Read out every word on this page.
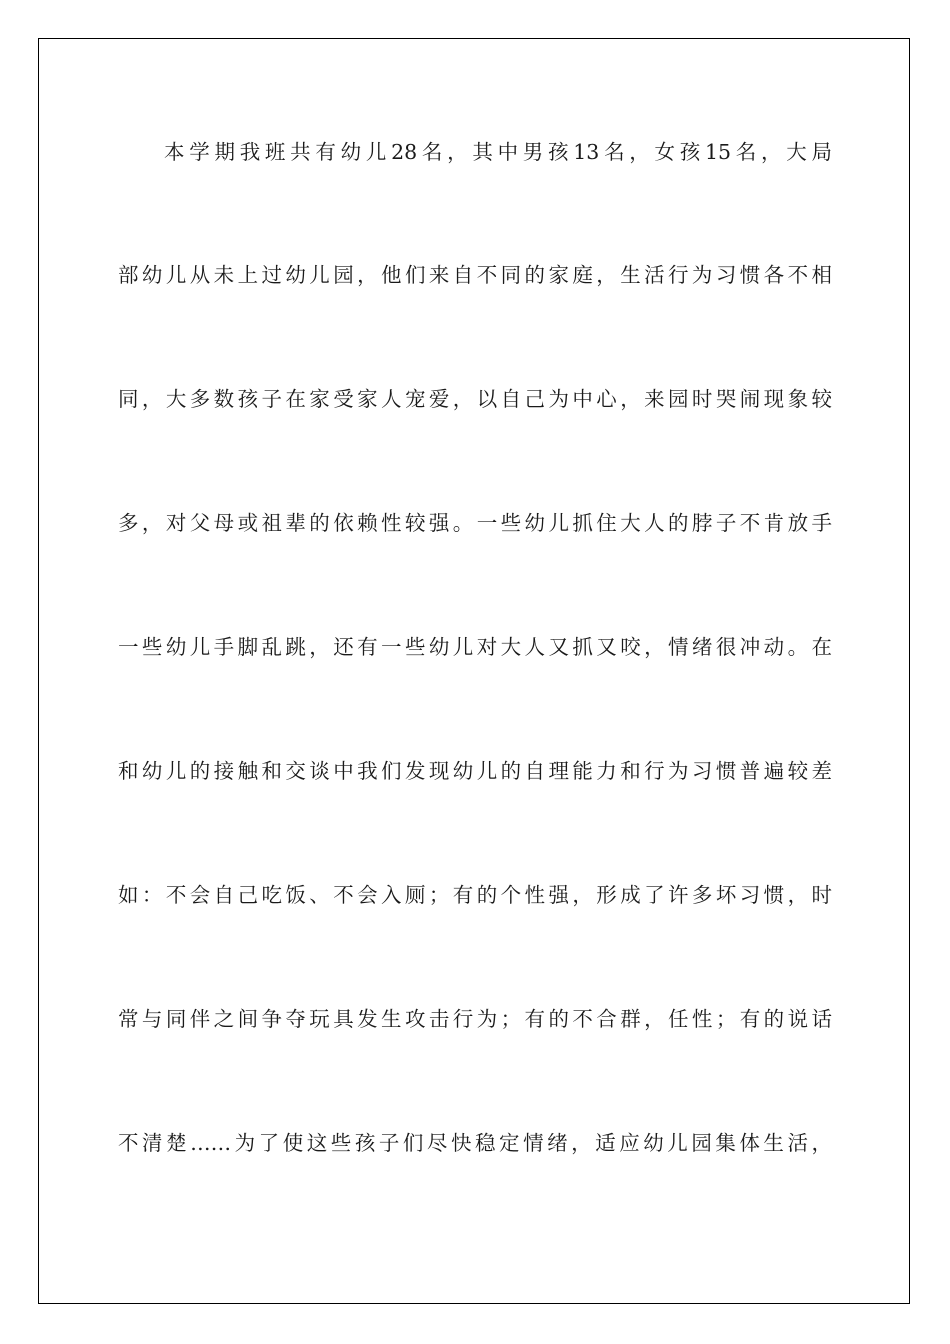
本学期我班共有幼儿28名，其中男孩13名，女孩15名，大局
部幼儿从未上过幼儿园，他们来自不同的家庭，生活行为习惯各不相
同，大多数孩子在家受家人宠爱，以自己为中心，来园时哭闹现象较
多，对父母或祖辈的依赖性较强。一些幼儿抓住大人的脖子不肯放手
一些幼儿手脚乱跳，还有一些幼儿对大人又抓又咬，情绪很冲动。在
和幼儿的接触和交谈中我们发现幼儿的自理能力和行为习惯普遍较差
如：不会自己吃饭、不会入厕；有的个性强，形成了许多坏习惯，时
常与同伴之间争夺玩具发生攻击行为；有的不合群，任性；有的说话
不清楚……为了使这些孩子们尽快稳定情绪，适应幼儿园集体生活，
